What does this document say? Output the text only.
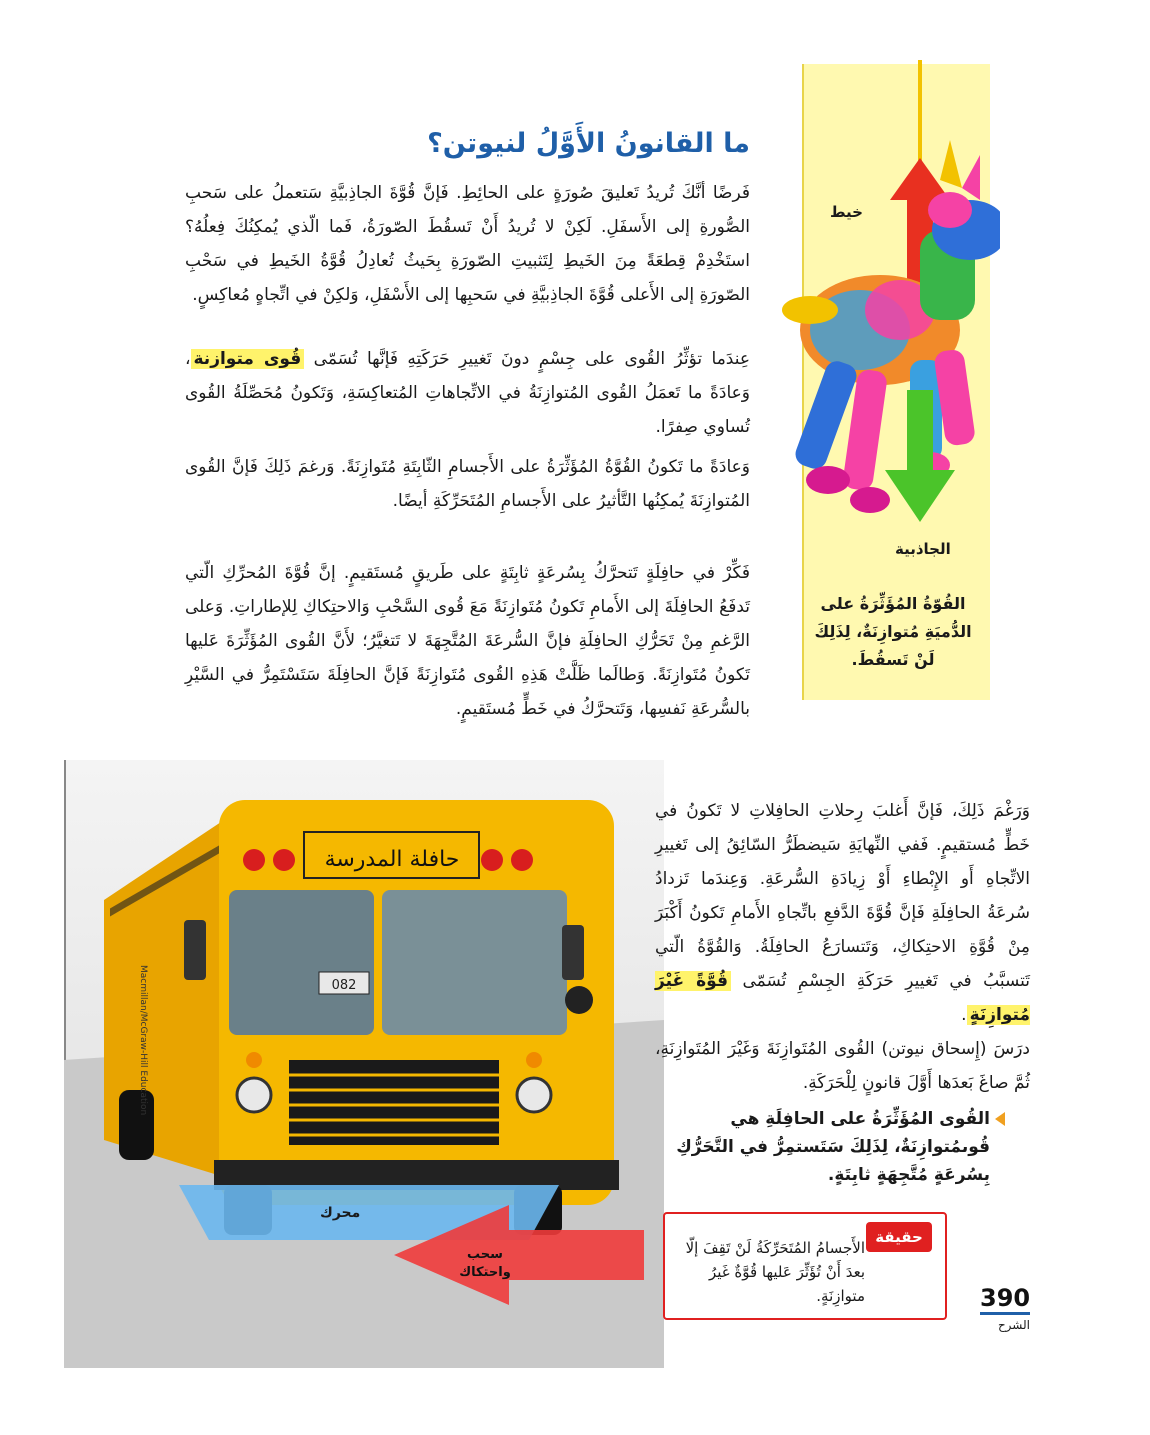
ما القانونُ الأَوَّلُ لنيوتن؟
فَرضًا أنَّكَ تُريدُ تَعليقَ صُورَةٍ على الحائِطِ. فَإنَّ قُوَّةَ الجاذِبيَّةِ سَتعملُ على سَحبِ الصُّورةِ إلى الأَسفَلِ. لَكِنْ لا تُريدُ أَنْ تَسقُطَ الصّورَةُ، فَما الّذي يُمكِنُكَ فِعلُهُ؟ استَخْدِمْ قِطعَةً مِنَ الخَيطِ لِتَثبيتِ الصّورَةِ بِحَيثُ تُعادِلُ قُوَّةُ الخَيطِ في سَحْبِ الصّورَةِ إلى الأَعلى قُوَّةَ الجاذِبيَّةِ في سَحبِها إلى الأَسْفَلِ، وَلكِنْ في اتِّجاهٍ مُعاكِسٍ.
عِندَما تؤثِّرُ القُوى على جِسْمٍ دونَ تَغييرِ حَرَكَتِهِ فَإنَّها تُسَمّى قُوى متوازنة، وَعادَةً ما تَعمَلُ القُوى المُتوازِنَةُ في الاتِّجاهاتِ المُتعاكِسَةِ، وَتَكونُ مُحَصِّلَةُ القُوى تُساوي صِفرًا.
وَعادَةً ما تَكونُ القُوَّةُ المُؤَثِّرَةُ على الأَجسامِ الثّابِتَةِ مُتَوازِنَةً. وَرغمَ ذَلِكَ فَإنَّ القُوى المُتوازِنَةَ يُمكِنُها التَّأثيرُ على الأَجسامِ المُتَحَرِّكَةِ أيضًا.
فَكِّرْ في حافِلَةٍ تَتحرَّكُ بِسُرعَةٍ ثابِتَةٍ على طَريقٍ مُستَقيمٍ. إنَّ قُوَّةَ المُحرِّكِ الّتي تَدفَعُ الحافِلَةَ إلى الأَمامِ تَكونُ مُتَوازِنَةً مَعَ قُوى السَّحْبِ وَالاحتِكاكِ لِلإطاراتِ. وَعلى الرَّغمِ مِنْ تَحَرُّكِ الحافِلَةِ فإنَّ السُّرعَةَ المُتَّجِهَةَ لا تَتغيَّرُ؛ لأَنَّ القُوى المُؤَثِّرَةَ عَليها تَكونُ مُتَوازِنَةً. وَطالَما ظَلَّتْ هَذِهِ القُوى مُتَوازِنَةً فَإنَّ الحافِلَةَ سَتَسْتَمِرُّ في السَّيْرِ بالسُّرعَةِ نَفسِها، وَتَتحرَّكُ في خَطٍّ مُستَقيمٍ.
خيط
الجاذبية
القُوّةُ المُؤَثِّرَةُ على الدُّميَةِ مُتوازِنَةٌ، لِذَلِكَ لَنْ تَسقُطَ.
حافلة المدرسة
082
محرك
سحب واحتكاك
Macmillan/McGraw-Hill Education
وَرَغْمَ ذَلِكَ، فَإنَّ أَغلبَ رِحلاتِ الحافِلاتِ لا تَكونُ في خَطٍّ مُستقيمٍ. فَفي النِّهايَةِ سَيضطَرُّ السّائِقُ إلى تَغييرِ الاتِّجاهِ أَو الإِبْطاءِ أَوْ زِيادَةِ السُّرعَةِ. وَعِندَما تَزدادُ سُرعَةُ الحافِلَةِ فَإنَّ قُوَّةَ الدَّفعِ باتِّجاهِ الأَمامِ تَكونُ أَكْبَرَ مِنْ قُوَّةِ الاحتِكاكِ، وَتَتسارَعُ الحافِلَةُ. وَالقُوَّةُ الّتي تَتسبَّبُ في تَغييرِ حَرَكَةِ الجِسْمِ تُسَمّى قُوَّةً غَيْرَ مُتوازِنَةٍ.
درَسَ (إِسحاق نيوتن) القُوى المُتَوازِنَةَ وَغَيْرَ المُتَوازِنَةِ، ثُمَّ صاغَ بَعدَها أَوَّلَ قانونٍ لِلْحَرَكَةِ.
القُوى المُؤَثِّرَةُ على الحافِلَةِ هي قُوىمُتوازِنَةٌ، لِذَلِكَ سَتَستمِرُّ في التَّحَرُّكِ بِسُرعَةٍ مُتَّجِهَةٍ ثابِتَةٍ.
حقيقة
الأَجسامُ المُتَحَرِّكَةُ لَنْ تَقِفَ إلّا بعدَ أَنْ تُؤَثِّرَ عَليها قُوَّةٌ غَيرُ متوازِنَةٍ.	390
الشرح
